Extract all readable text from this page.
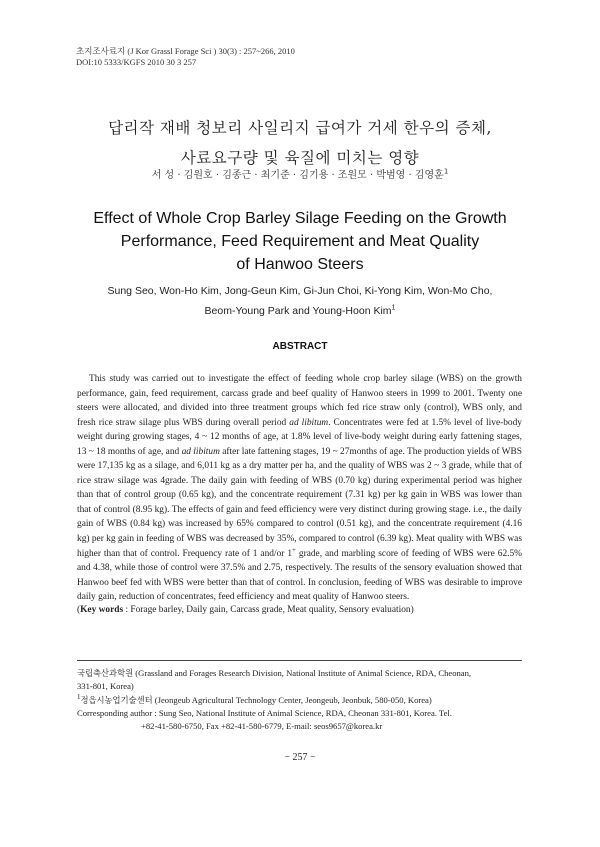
초지조사료지 (J Kor Grassl Forage Sci ) 30(3) : 257~266, 2010
DOI:10 5333/KGFS 2010 30 3 257
답리작 재배 청보리 사일리지 급여가 거세 한우의 증체,
사료요구량 및 육질에 미치는 영향
서 성 · 김원호 · 김종근 · 최기준 · 김기용 · 조원모 · 박범영 · 김영훈$^1$
Effect of Whole Crop Barley Silage Feeding on the Growth
Performance, Feed Requirement and Meat Quality
of Hanwoo Steers
Sung Seo, Won-Ho Kim, Jong-Geun Kim, Gi-Jun Choi, Ki-Yong Kim, Won-Mo Cho,
Beom-Young Park and Young-Hoon Kim$^1$
ABSTRACT

This study was carried out to investigate the effect of feeding whole crop barley silage (WBS) on the growth performance, gain, feed requirement, carcass grade and beef quality of Hanwoo steers in 1999 to 2001. Twenty one steers were allocated, and divided into three treatment groups which fed rice straw only (control), WBS only, and fresh rice straw silage plus WBS during overall period ad libitum. Concentrates were fed at 1.5% level of live-body weight during growing stages, 4 ~ 12 months of age, at 1.8% level of live-body weight during early fattening stages, 13 ~ 18 months of age, and ad libitum after late fattening stages, 19 ~ 27months of age. The production yields of WBS were 17,135 kg as a silage, and 6,011 kg as a dry matter per ha, and the quality of WBS was 2 ~ 3 grade, while that of rice straw silage was 4grade. The daily gain with feeding of WBS (0.70 kg) during experimental period was higher than that of control group (0.65 kg), and the concentrate requirement (7.31 kg) per kg gain in WBS was lower than that of control (8.95 kg). The effects of gain and feed efficiency were very distinct during growing stage. i.e., the daily gain of WBS (0.84 kg) was increased by 65% compared to control (0.51 kg), and the concentrate requirement (4.16 kg) per kg gain in feeding of WBS was decreased by 35%, compared to control (6.39 kg). Meat quality with WBS was higher than that of control. Frequency rate of 1 and/or 1+ grade, and marbling score of feeding of WBS were 62.5% and 4.38, while those of control were 37.5% and 2.75, respectively. The results of the sensory evaluation showed that Hanwoo beef fed with WBS were better than that of control. In conclusion, feeding of WBS was desirable to improve daily gain, reduction of concentrates, feed efficiency and meat quality of Hanwoo steers.

(Key words : Forage barley, Daily gain, Carcass grade, Meat quality, Sensory evaluation)
국립축산과학원 (Grassland and Forages Research Division, National Institute of Animal Science, RDA, Cheonan,
331-801, Korea)
$^1$정읍시농업기술센터 (Jeongeub Agricultural Technology Center, Jeongeub, Jeonbuk, 580-050, Korea)
Corresponding author : Sung Seo, National Institute of Animal Science, RDA, Cheonan 331-801, Korea. Tel.
+82-41-580-6750, Fax +82-41-580-6779, E-mail: seos9657@korea.kr
− 257 −
